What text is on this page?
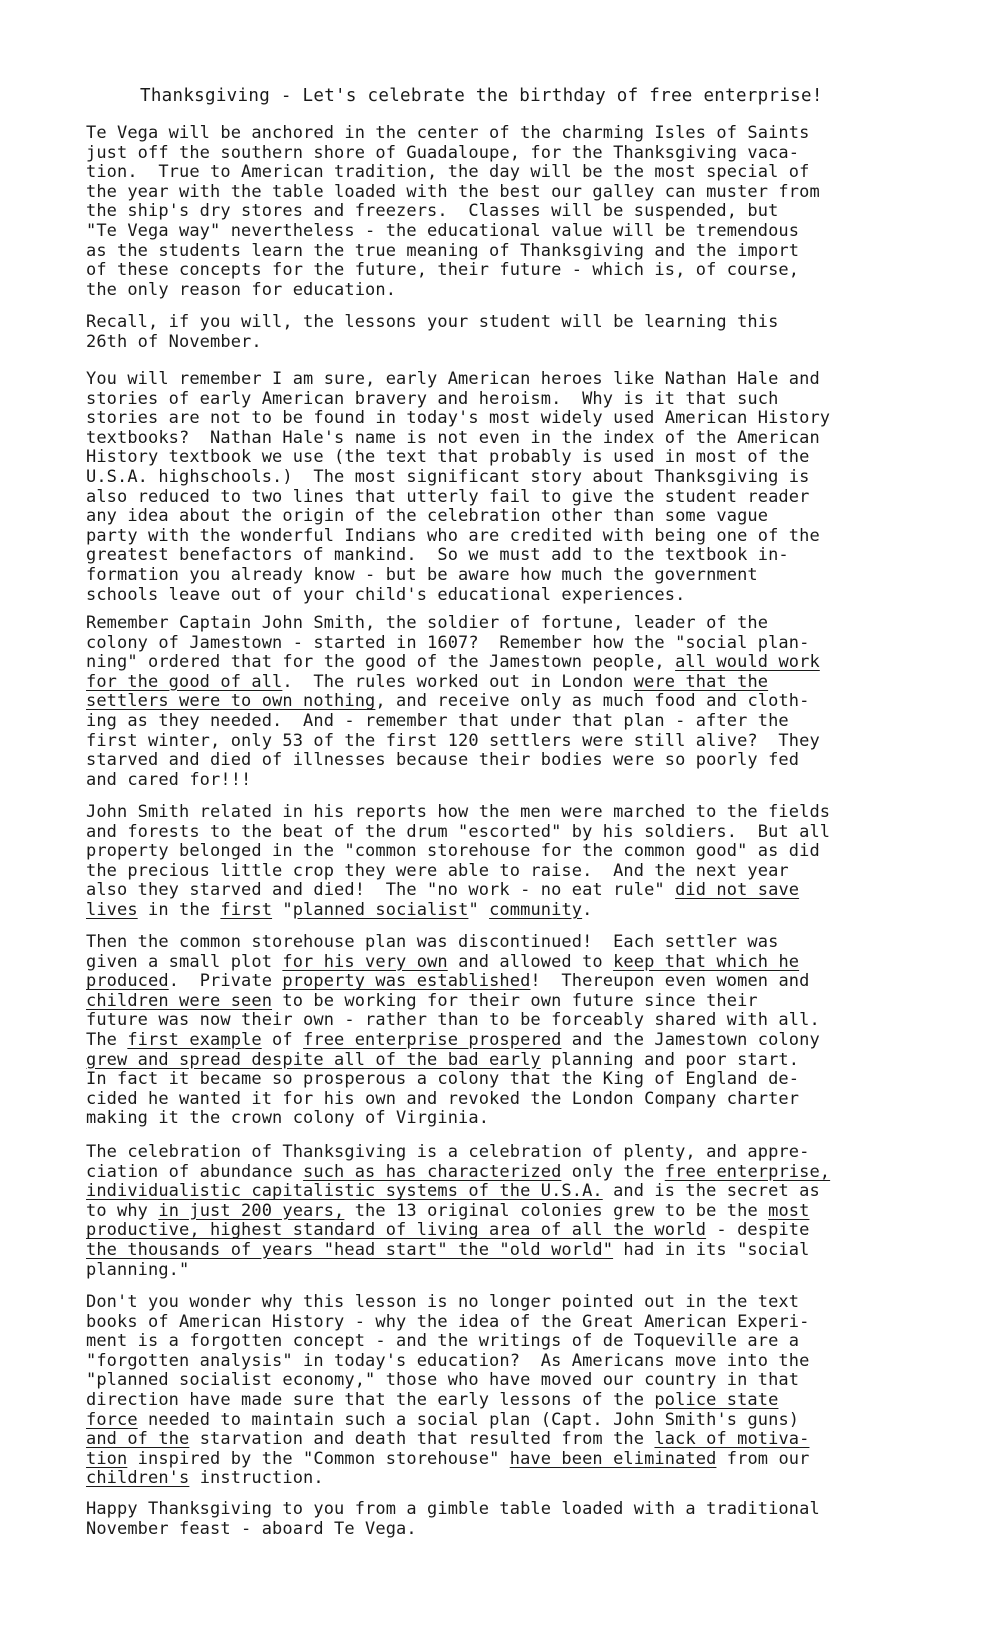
Thanksgiving - Let's celebrate the birthday of free enterprise!
Te Vega will be anchored in the center of the charming Isles of Saints
just off the southern shore of Guadaloupe, for the Thanksgiving vaca-
tion.  True to American tradition, the day will be the most special of
the year with the table loaded with the best our galley can muster from
the ship's dry stores and freezers.  Classes will be suspended, but
"Te Vega way" nevertheless - the educational value will be tremendous
as the students learn the true meaning of Thanksgiving and the import
of these concepts for the future, their future - which is, of course,
the only reason for education.
Recall, if you will, the lessons your student will be learning this
26th of November.
You will remember I am sure, early American heroes like Nathan Hale and
stories of early American bravery and heroism.  Why is it that such
stories are not to be found in today's most widely used American History
textbooks?  Nathan Hale's name is not even in the index of the American
History textbook we use (the text that probably is used in most of the
U.S.A. highschools.)  The most significant story about Thanksgiving is
also reduced to two lines that utterly fail to give the student reader
any idea about the origin of the celebration other than some vague
party with the wonderful Indians who are credited with being one of the
greatest benefactors of mankind.  So we must add to the textbook in-
formation you already know - but be aware how much the government
schools leave out of your child's educational experiences.
Remember Captain John Smith, the soldier of fortune, leader of the
colony of Jamestown - started in 1607?  Remember how the "social plan-
ning" ordered that for the good of the Jamestown people, all would work
for the good of all.  The rules worked out in London were that the
settlers were to own nothing, and receive only as much food and cloth-
ing as they needed.  And - remember that under that plan - after the
first winter, only 53 of the first 120 settlers were still alive?  They
starved and died of illnesses because their bodies were so poorly fed
and cared for!!!
John Smith related in his reports how the men were marched to the fields
and forests to the beat of the drum "escorted" by his soldiers.  But all
property belonged in the "common storehouse for the common good" as did
the precious little crop they were able to raise.  And the next year
also they starved and died!  The "no work - no eat rule" did not save
lives in the first "planned socialist" community.
Then the common storehouse plan was discontinued!  Each settler was
given a small plot for his very own and allowed to keep that which he
produced.  Private property was established!  Thereupon even women and
children were seen to be working for their own future since their
future was now their own - rather than to be forceably shared with all.
The first example of free enterprise prospered and the Jamestown colony
grew and spread despite all of the bad early planning and poor start.
In fact it became so prosperous a colony that the King of England de-
cided he wanted it for his own and revoked the London Company charter
making it the crown colony of Virginia.
The celebration of Thanksgiving is a celebration of plenty, and appre-
ciation of abundance such as has characterized only the free enterprise,
individualistic capitalistic systems of the U.S.A. and is the secret as
to why in just 200 years, the 13 original colonies grew to be the most
productive, highest standard of living area of all the world - despite
the thousands of years "head start" the "old world" had in its "social
planning."
Don't you wonder why this lesson is no longer pointed out in the text
books of American History - why the idea of the Great American Experi-
ment is a forgotten concept - and the writings of de Toqueville are a
"forgotten analysis" in today's education?  As Americans move into the
"planned socialist economy," those who have moved our country in that
direction have made sure that the early lessons of the police state
force needed to maintain such a social plan (Capt. John Smith's guns)
and of the starvation and death that resulted from the lack of motiva-
tion inspired by the "Common storehouse" have been eliminated from our
children's instruction.
Happy Thanksgiving to you from a gimble table loaded with a traditional
November feast - aboard Te Vega.
